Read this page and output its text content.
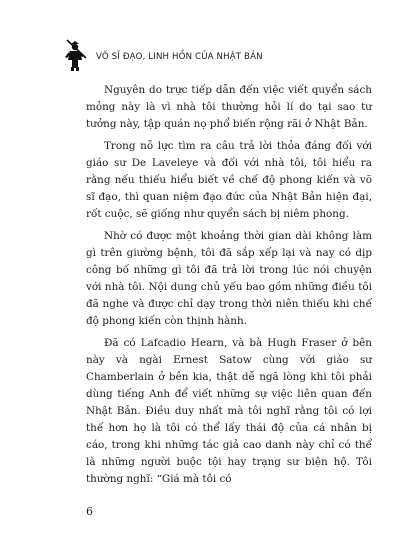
VÕ SĨ ĐẠO, LINH HỒN CỦA NHẬT BẢN

Nguyên do trực tiếp dẫn đến việc viết quyển sách mỏng này là vì nhà tôi thường hỏi lí do tại sao tư tưởng này, tập quán nọ phổ biến rộng rãi ở Nhật Bản.

Trong nỗ lực tìm ra câu trả lời thỏa đáng đối với giáo sư De Laveleye và đối với nhà tôi, tôi hiểu ra rằng nếu thiếu hiểu biết về chế độ phong kiến và võ sĩ đạo, thì quan niệm đạo đức của Nhật Bản hiện đại, rốt cuộc, sẽ giống như quyển sách bị niêm phong.

Nhờ có được một khoảng thời gian dài không làm gì trên giường bệnh, tôi đã sắp xếp lại và nay có dịp công bố những gì tôi đã trả lời trong lúc nói chuyện với nhà tôi. Nội dung chủ yếu bao gồm những điều tôi đã nghe và được chỉ dạy trong thời niên thiếu khi chế độ phong kiến còn thịnh hành.

Đã có Lafcadio Hearn, và bà Hugh Fraser ở bên này và ngài Ernest Satow cùng với giáo sư Chamberlain ở bên kia, thật dễ ngã lòng khi tôi phải dùng tiếng Anh để viết những sự việc liên quan đến Nhật Bản. Điều duy nhất mà tôi nghĩ rằng tôi có lợi thế hơn họ là tôi có thể lấy thái độ của cá nhân bị cáo, trong khi những tác giả cao danh này chỉ có thể là những người buộc tội hay trạng sư biện hộ. Tôi thường nghĩ: “Giá mà tôi có

6
